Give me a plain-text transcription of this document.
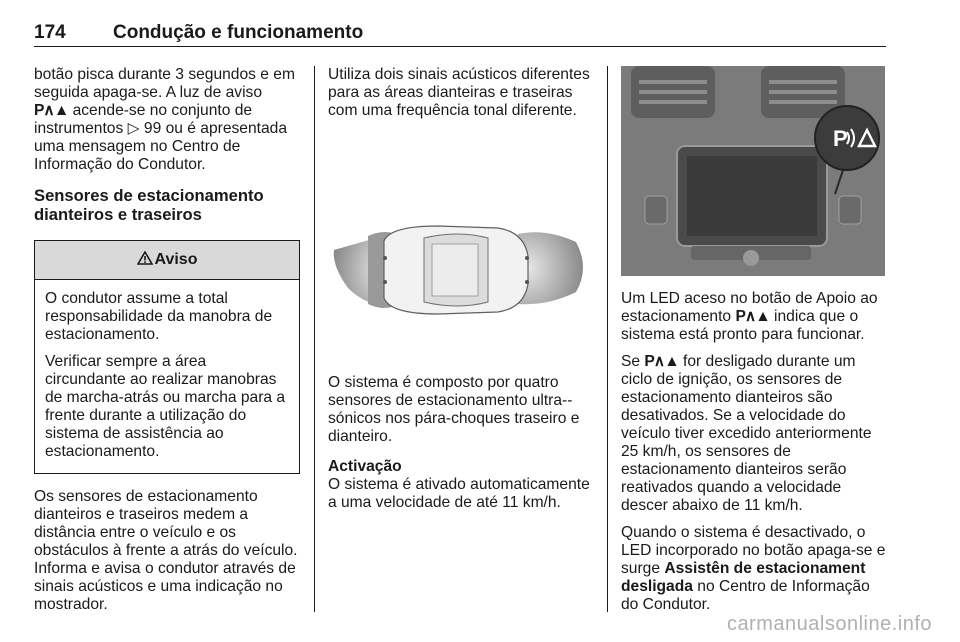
174 Condução e funcionamento

botão pisca durante 3 segundos e em seguida apaga-se. A luz de aviso P∧▲ acende-se no conjunto de instrumentos ▷ 99 ou é apresentada uma mensagem no Centro de Informação do Condutor.

Sensores de estacionamento dianteiros e traseiros
Aviso

O condutor assume a total responsabilidade da manobra de estacionamento.

Verificar sempre a área circundante ao realizar manobras de marcha-atrás ou marcha para a frente durante a utilização do sistema de assistência ao estacionamento.

Os sensores de estacionamento dianteiros e traseiros medem a distância entre o veículo e os obstáculos à frente a atrás do veículo. Informa e avisa o condutor através de sinais acústicos e uma indicação no mostrador.

Utiliza dois sinais acústicos diferentes para as áreas dianteiras e traseiras com uma frequência tonal diferente.

O sistema é composto por quatro sensores de estacionamento ultra--sónicos nos pára-choques traseiro e dianteiro.

Activação

O sistema é ativado automaticamente a uma velocidade de até 11 km/h.

P

Um LED aceso no botão de Apoio ao estacionamento P∧▲ indica que o sistema está pronto para funcionar.

Se P∧▲ for desligado durante um ciclo de ignição, os sensores de estacionamento dianteiros são desativados. Se a velocidade do veículo tiver excedido anteriormente 25 km/h, os sensores de estacionamento dianteiros serão reativados quando a velocidade descer abaixo de 11 km/h.

Quando o sistema é desactivado, o LED incorporado no botão apaga-se e surge Assistên de estacionament desligada no Centro de Informação do Condutor.

carmanualsonline.info
